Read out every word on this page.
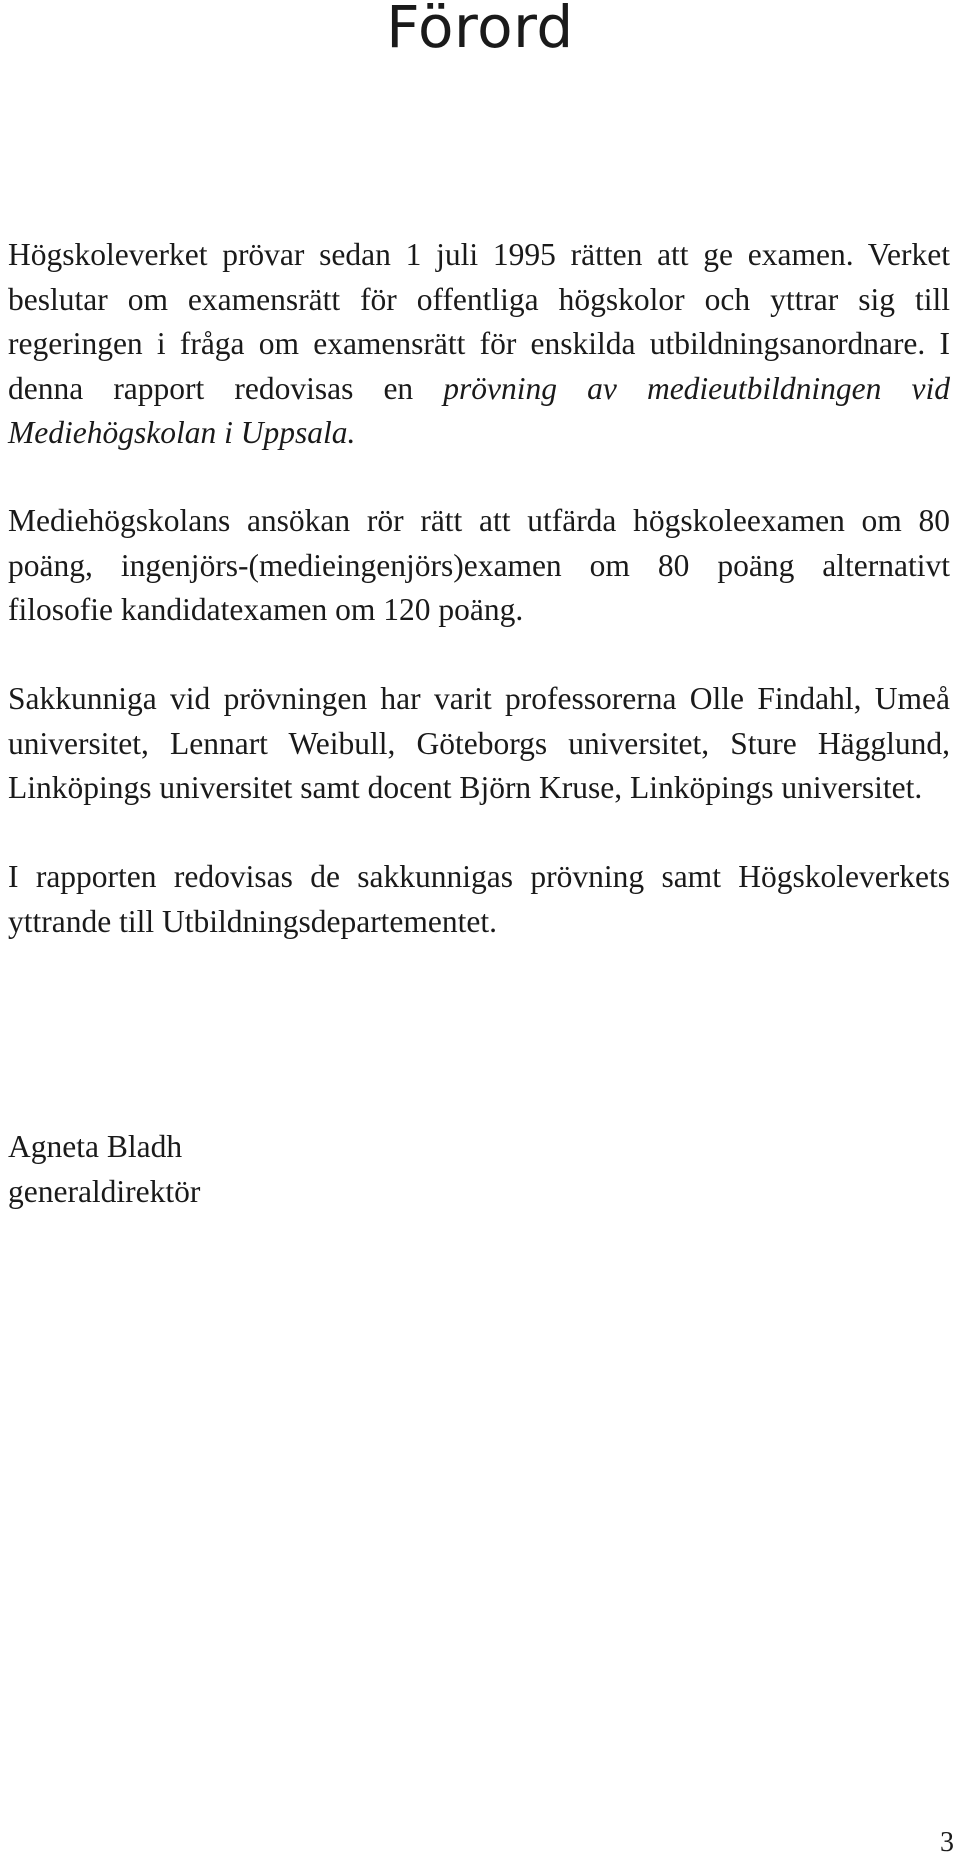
Förord

Högskoleverket prövar sedan 1 juli 1995 rätten att ge examen. Verket beslutar om examensrätt för offentliga högskolor och yttrar sig till regeringen i fråga om examensrätt för enskilda utbildningsanordnare. I denna rapport redovisas en prövning av medieutbildningen vid Mediehögskolan i Uppsala.

Mediehögskolans ansökan rör rätt att utfärda högskoleexamen om 80 poäng, ingenjörs-(medieingenjörs)examen om 80 poäng alternativt filosofie kandidatexamen om 120 poäng.

Sakkunniga vid prövningen har varit professorerna Olle Findahl, Umeå universitet, Lennart Weibull, Göteborgs universitet, Sture Hägglund, Linköpings universitet samt docent Björn Kruse, Linköpings universitet.

I rapporten redovisas de sakkunnigas prövning samt Högskoleverkets yttrande till Utbildningsdepartementet.

Agneta Bladh
generaldirektör
3
